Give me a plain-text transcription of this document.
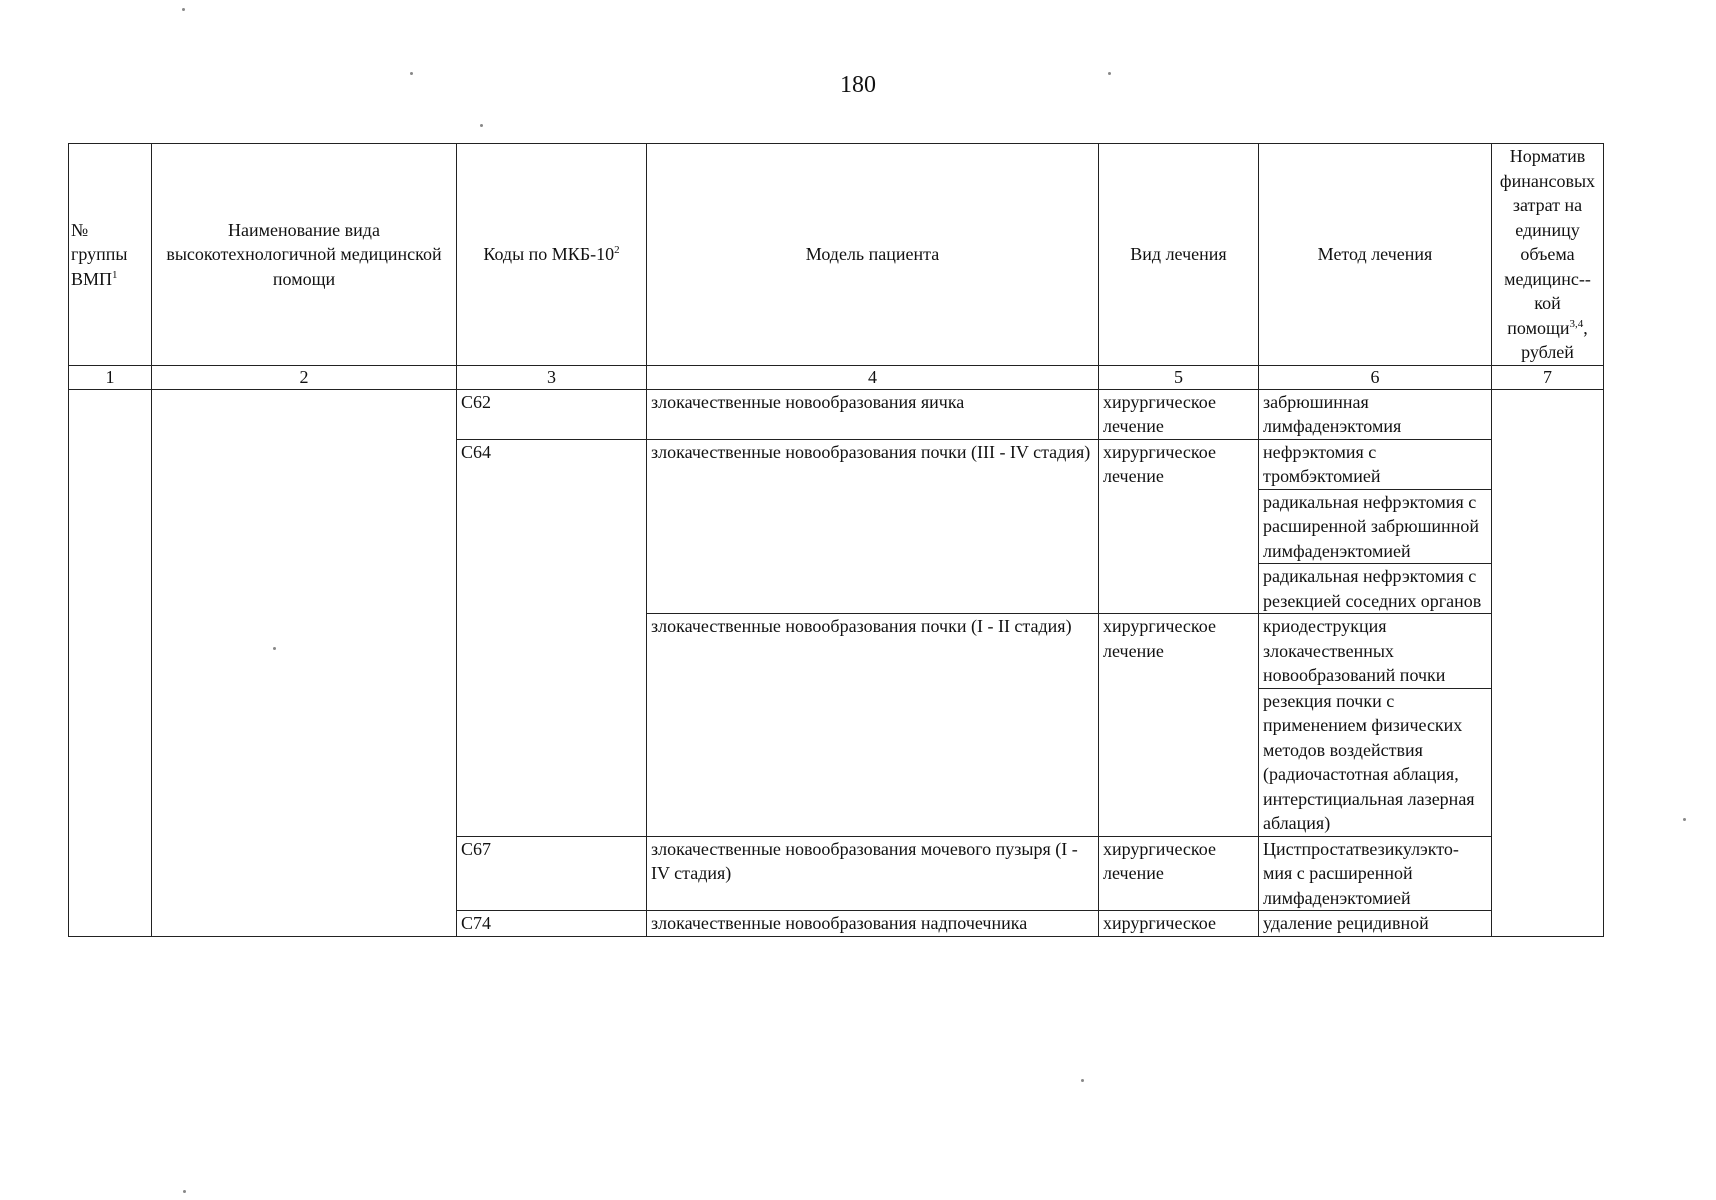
180
№ группы ВМП$^1$	Наименование вида высокотехнологичной медицинской помощи	Коды по МКБ-$10^2$	Модель пациента	Вид лечения	Метод лечения	Норматив финансовых затрат на единицу объема медицинс--кой помощи$^{3,4}$, рублей
1	2	3	4	5	6	7
		C62	злокачественные новообразования яичка	хирургическое лечение	забрюшинная лимфаденэктомия	
		C64	злокачественные новообразования почки (III - IV стадия)	хирургическое лечение	нефрэктомия с тромбэктомией	
					радикальная нефрэктомия с расширенной забрюшинной лимфаденэктомией	
					радикальная нефрэктомия с резекцией соседних органов	
			злокачественные новообразования почки (I - II стадия)	хирургическое лечение	криодеструкция злокачественных новообразований почки	
					резекция почки с применением физических методов воздействия (радиочастотная аблация, интерстициальная лазерная аблация)	
		C67	злокачественные новообразования мочевого пузыря (I - IV стадия)	хирургическое лечение	Цистпростатвезикулэкто-мия с расширенной лимфаденэктомией	
		C74	злокачественные новообразования надпочечника	хирургическое	удаление рецидивной	
